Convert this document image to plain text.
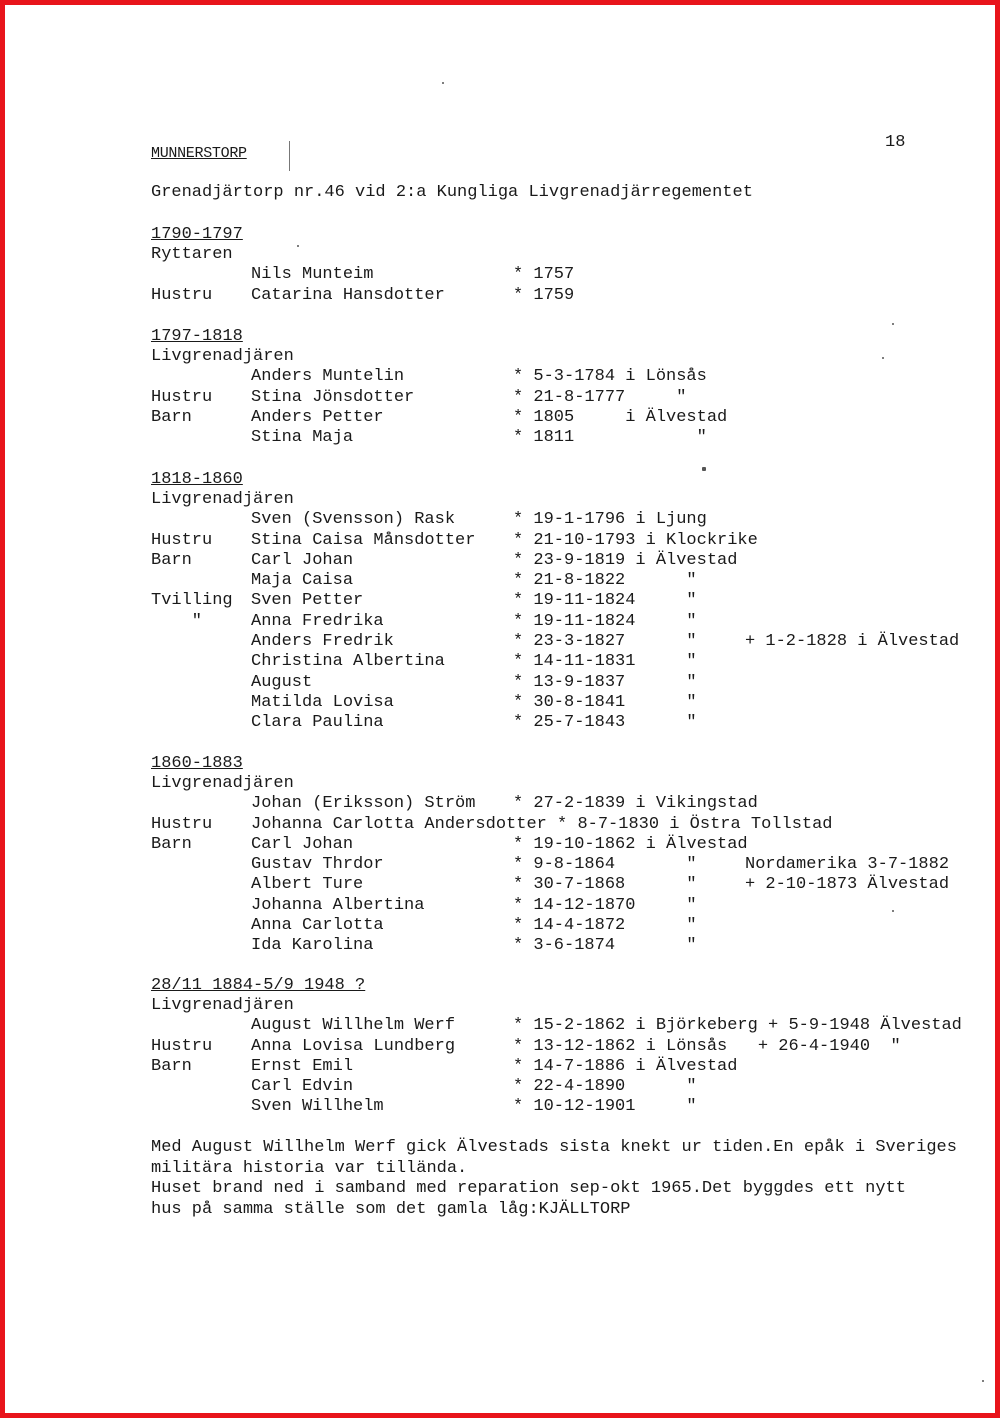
MUNNERSTORP
18
Grenadjärtorp nr.46 vid 2:a Kungliga Livgrenadjärregementet
1790-1797
Ryttaren
Nils Munteim	* 1757
Hustru Catarina Hansdotter	* 1759
1797-1818
Livgrenadjären
Anders Muntelin	* 5-3-1784 i Lönsås
Hustru Stina Jönsdotter	* 21-8-1777     "
Barn	Anders Petter	* 1805     i Älvestad
Stina Maja	* 1811            "
1818-1860
Livgrenadjären
Sven (Svensson) Rask	* 19-1-1796 i Ljung
Hustru Stina Caisa Månsdotter * 21-10-1793 i Klockrike
Barn	Carl Johan	* 23-9-1819 i Älvestad
Maja Caisa	* 21-8-1822      "
Tvilling Sven Petter	* 19-11-1824     "
"	Anna Fredrika	* 19-11-1824     "
Anders Fredrik	* 23-3-1827      "	+ 1-2-1828 i Älvestad
Christina Albertina	* 14-11-1831     "
August	* 13-9-1837      "
Matilda Lovisa	* 30-8-1841      "
Clara Paulina	* 25-7-1843      "
1860-1883
Livgrenadjären
Johan (Eriksson) Ström * 27-2-1839 i Vikingstad
Hustru Johanna Carlotta Andersdotter * 8-7-1830 i Östra Tollstad
Barn	Carl Johan	* 19-10-1862 i Älvestad
Gustav Thrdor	* 9-8-1864       "	Nordamerika 3-7-1882
Albert Ture	* 30-7-1868      "	+ 2-10-1873 Älvestad
Johanna Albertina	* 14-12-1870     "
Anna Carlotta	* 14-4-1872      "
Ida Karolina	* 3-6-1874       "
28/11 1884-5/9 1948 ?
Livgrenadjären
August Willhelm Werf	* 15-2-1862 i Björkeberg + 5-9-1948 Älvestad
Hustru Anna Lovisa Lundberg	* 13-12-1862 i Lönsås   + 26-4-1940  "
Barn	Ernst Emil	* 14-7-1886 i Älvestad
Carl Edvin	* 22-4-1890      "
Sven Willhelm	* 10-12-1901     "
Med August Willhelm Werf gick Älvestads sista knekt ur tiden.En epåk i Sveriges
militära historia var tilländа.
Huset brand ned i samband med reparation sep-okt 1965.Det byggdes ett nytt
hus på samma ställe som det gamla låg:KJÄLLTORP
